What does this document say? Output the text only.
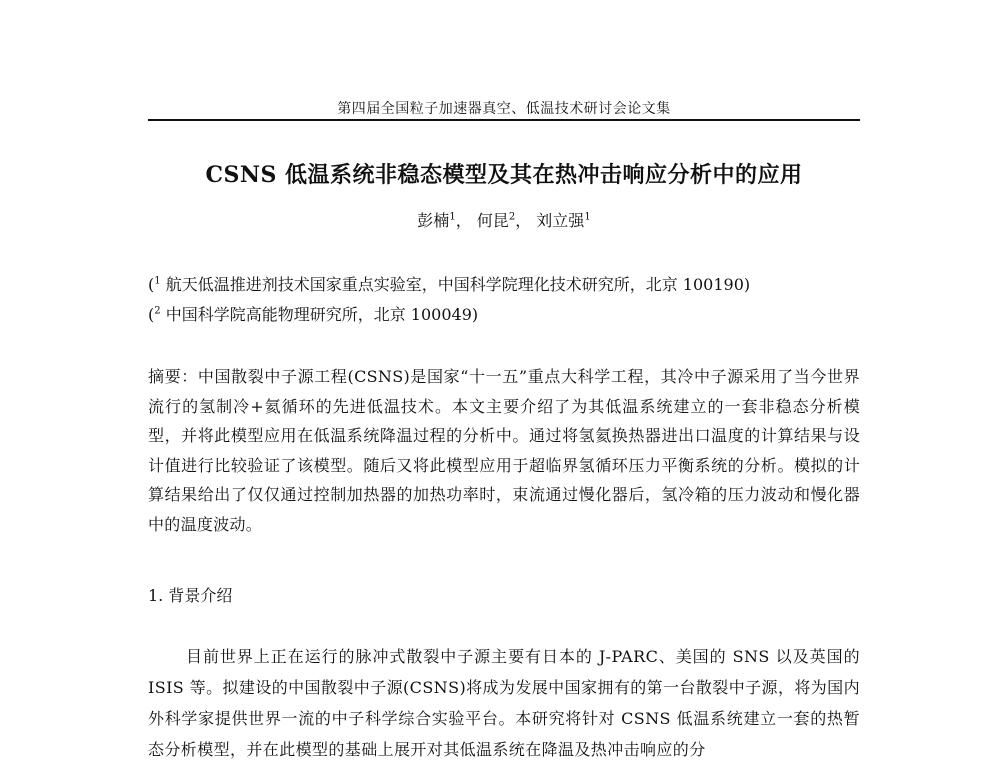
第四届全国粒子加速器真空、低温技术研讨会论文集
CSNS 低温系统非稳态模型及其在热冲击响应分析中的应用
彭楠$^1$， 何昆$^2$， 刘立强$^1$
($^1$ 航天低温推进剂技术国家重点实验室，中国科学院理化技术研究所，北京 100190)
($^2$ 中国科学院高能物理研究所，北京 100049)
摘要：中国散裂中子源工程(CSNS)是国家“十一五”重点大科学工程，其冷中子源采用了当今世界流行的氢制冷+氦循环的先进低温技术。本文主要介绍了为其低温系统建立的一套非稳态分析模型，并将此模型应用在低温系统降温过程的分析中。通过将氢氦换热器进出口温度的计算结果与设计值进行比较验证了该模型。随后又将此模型应用于超临界氢循环压力平衡系统的分析。模拟的计算结果给出了仅仅通过控制加热器的加热功率时，束流通过慢化器后，氢冷箱的压力波动和慢化器中的温度波动。
1. 背景介绍
目前世界上正在运行的脉冲式散裂中子源主要有日本的 J-PARC、美国的 SNS 以及英国的 ISIS 等。拟建设的中国散裂中子源(CSNS)将成为发展中国家拥有的第一台散裂中子源，将为国内外科学家提供世界一流的中子科学综合实验平台。本研究将针对 CSNS 低温系统建立一套的热暂态分析模型，并在此模型的基础上展开对其低温系统在降温及热冲击响应的分
